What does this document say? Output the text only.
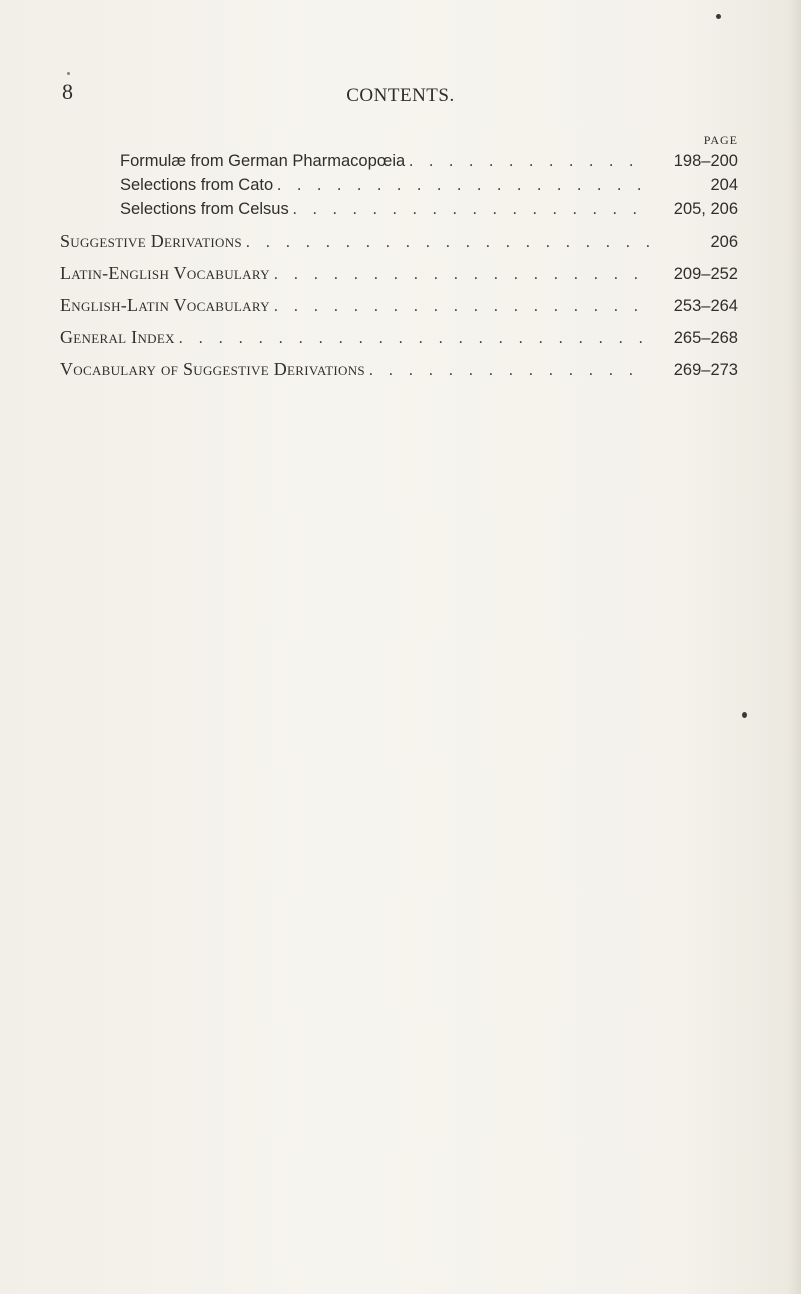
8	CONTENTS.
PAGE
Formulæ from German Pharmacopœia . . .	198–200
Selections from Cato . . .	204
Selections from Celsus . . .	205, 206
Suggestive Derivations . . .	206
Latin-English Vocabulary . . .	209–252
English-Latin Vocabulary . . .	253–264
General Index . . .	265–268
Vocabulary of Suggestive Derivations . . .	269–273
